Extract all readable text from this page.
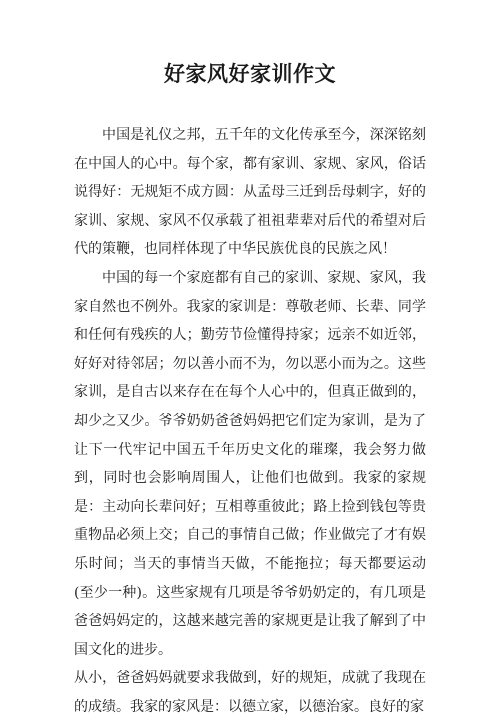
好家风好家训作文

中国是礼仪之邦，五千年的文化传承至今，深深铭刻在中国人的心中。每个家，都有家训、家规、家风，俗话说得好：无规矩不成方圆：从孟母三迁到岳母刺字，好的家训、家规、家风不仅承载了祖祖辈辈对后代的希望对后代的策鞭，也同样体现了中华民族优良的民族之风！

中国的每一个家庭都有自己的家训、家规、家风，我家自然也不例外。我家的家训是：尊敬老师、长辈、同学和任何有残疾的人；勤劳节俭懂得持家；远亲不如近邻，好好对待邻居；勿以善小而不为，勿以恶小而为之。这些家训，是自古以来存在在每个人心中的，但真正做到的，却少之又少。爷爷奶奶爸爸妈妈把它们定为家训，是为了让下一代牢记中国五千年历史文化的璀璨，我会努力做到，同时也会影响周围人，让他们也做到。我家的家规是：主动向长辈问好；互相尊重彼此；路上捡到钱包等贵重物品必须上交；自己的事情自己做；作业做完了才有娱乐时间；当天的事情当天做，不能拖拉；每天都要运动(至少一种)。这些家规有几项是爷爷奶奶定的，有几项是爸爸妈妈定的，这越来越完善的家规更是让我了解到了中国文化的进步。

从小，爸爸妈妈就要求我做到，好的规矩，成就了我现在的成绩。我家的家风是：以德立家，以德治家。良好的家
